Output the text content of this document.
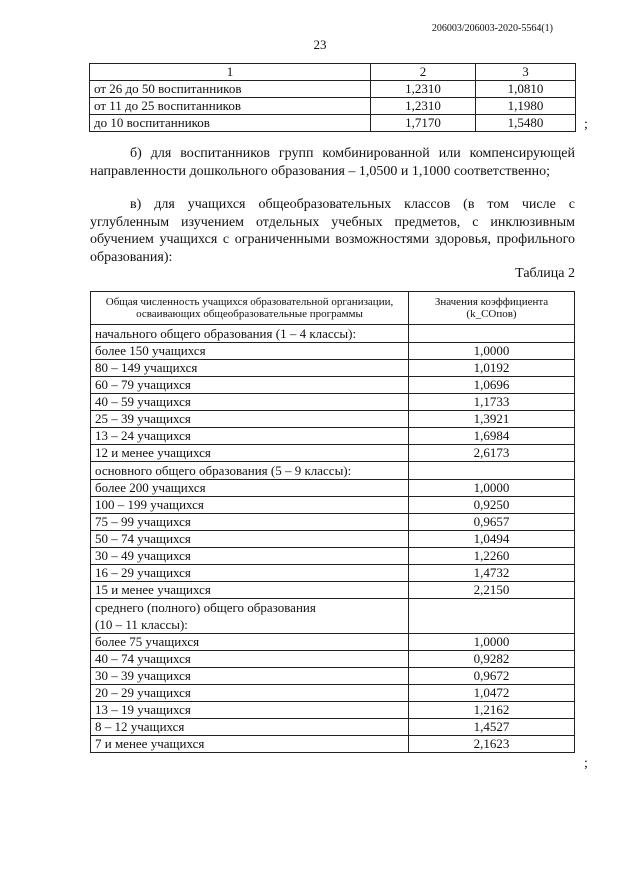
206003/206003-2020-5564(1)
23
1	2	3
от 26 до 50 воспитанников	1,2310	1,0810
от 11 до 25 воспитанников	1,2310	1,1980
до 10 воспитанников	1,7170	1,5480	;
б) для воспитанников групп комбинированной или компенсирующей направленности дошкольного образования – 1,0500 и 1,1000 соответственно;
в) для учащихся общеобразовательных классов (в том числе с углубленным изучением отдельных учебных предметов, с инклюзивным обучением учащихся с ограниченными возможностями здоровья, профильного образования):
Таблица 2
Общая численность учащихся образовательной организации, осваивающих общеобразовательные программы	Значения коэффициента (k_СОпов)
начального общего образования (1 – 4 классы):	
более 150 учащихся	1,0000
80 – 149 учащихся	1,0192
60 – 79 учащихся	1,0696
40 – 59 учащихся	1,1733
25 – 39 учащихся	1,3921
13 – 24 учащихся	1,6984
12 и менее учащихся	2,6173
основного общего образования (5 – 9 классы):	
более 200 учащихся	1,0000
100 – 199 учащихся	0,9250
75 – 99 учащихся	0,9657
50 – 74 учащихся	1,0494
30 – 49 учащихся	1,2260
16 – 29 учащихся	1,4732
15 и менее учащихся	2,2150
среднего (полного) общего образования
(10 – 11 классы):	
более 75 учащихся	1,0000
40 – 74 учащихся	0,9282
30 – 39 учащихся	0,9672
20 – 29 учащихся	1,0472
13 – 19 учащихся	1,2162
8 – 12 учащихся	1,4527
7 и менее учащихся	2,1623
;
